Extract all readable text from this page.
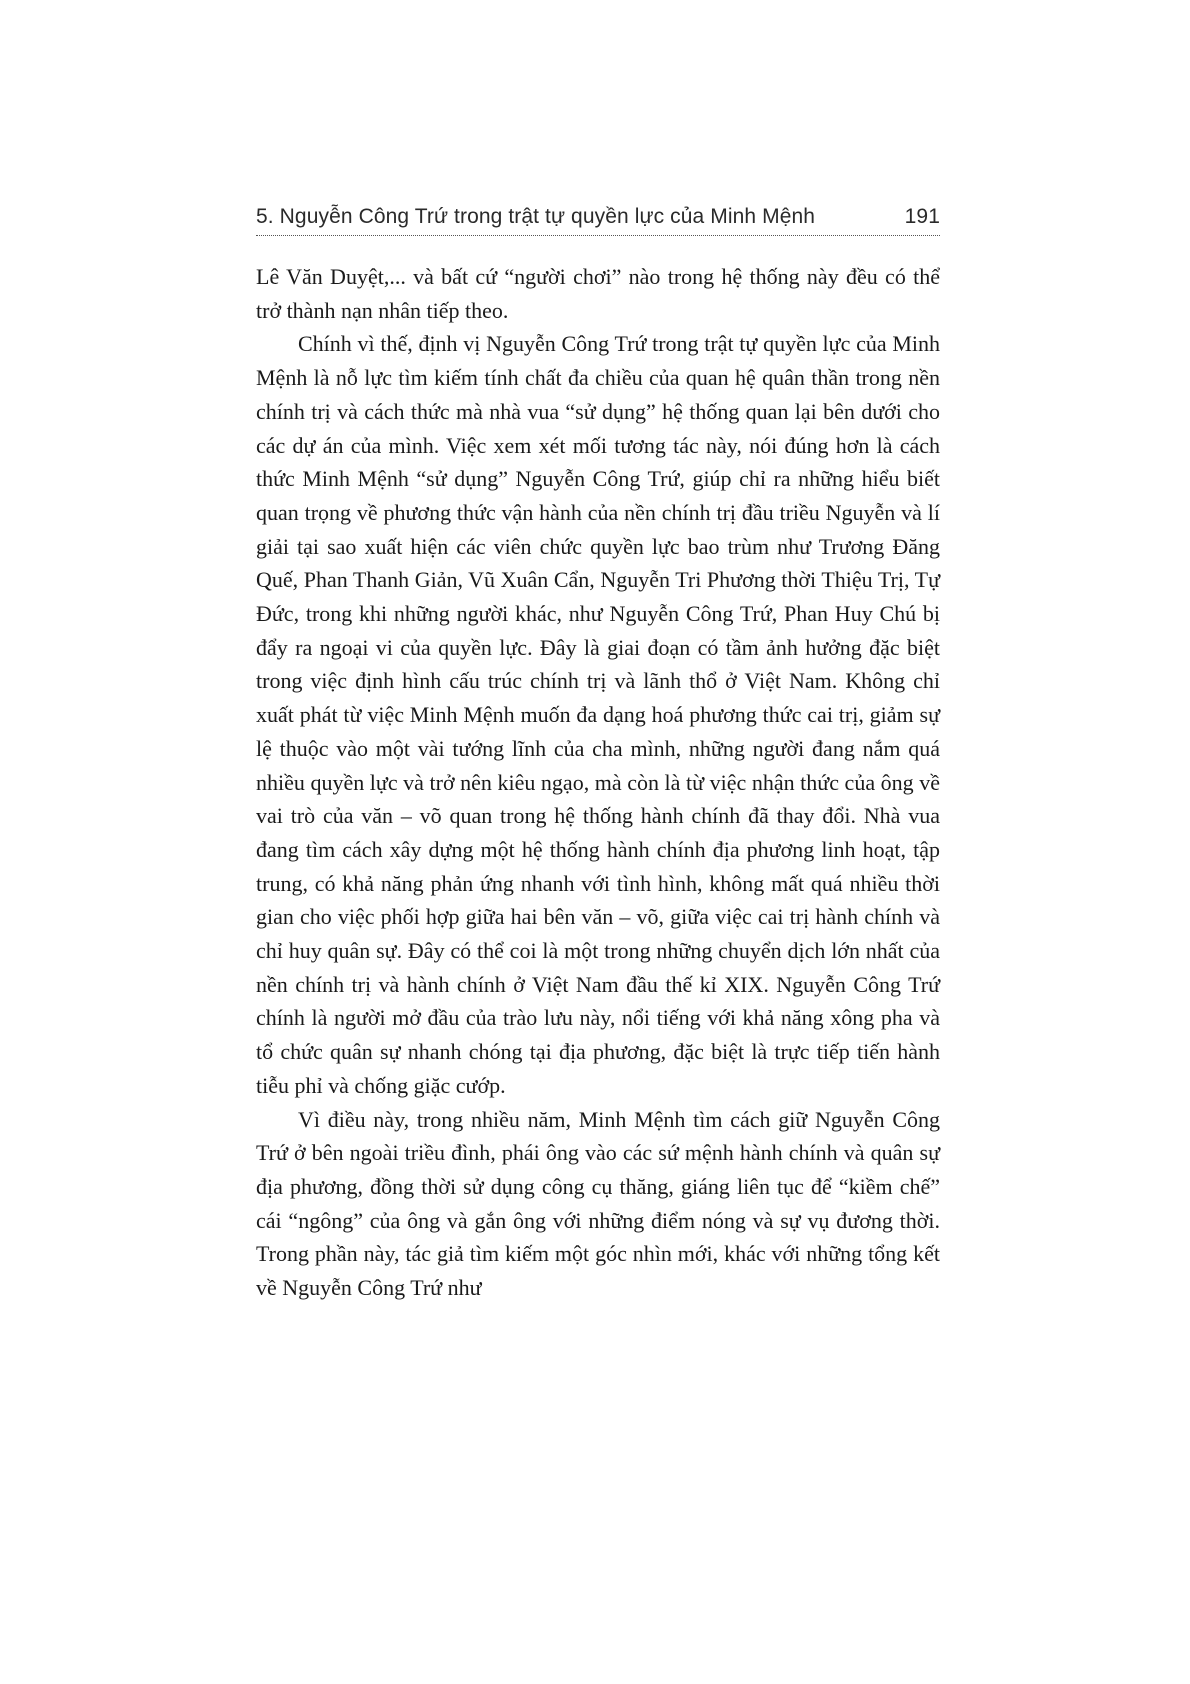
5. Nguyễn Công Trứ trong trật tự quyền lực của Minh Mệnh	191

Lê Văn Duyệt,... và bất cứ “người chơi” nào trong hệ thống này đều có thể trở thành nạn nhân tiếp theo.

Chính vì thế, định vị Nguyễn Công Trứ trong trật tự quyền lực của Minh Mệnh là nỗ lực tìm kiếm tính chất đa chiều của quan hệ quân thần trong nền chính trị và cách thức mà nhà vua “sử dụng” hệ thống quan lại bên dưới cho các dự án của mình. Việc xem xét mối tương tác này, nói đúng hơn là cách thức Minh Mệnh “sử dụng” Nguyễn Công Trứ, giúp chỉ ra những hiểu biết quan trọng về phương thức vận hành của nền chính trị đầu triều Nguyễn và lí giải tại sao xuất hiện các viên chức quyền lực bao trùm như Trương Đăng Quế, Phan Thanh Giản, Vũ Xuân Cẩn, Nguyễn Tri Phương thời Thiệu Trị, Tự Đức, trong khi những người khác, như Nguyễn Công Trứ, Phan Huy Chú bị đẩy ra ngoại vi của quyền lực. Đây là giai đoạn có tầm ảnh hưởng đặc biệt trong việc định hình cấu trúc chính trị và lãnh thổ ở Việt Nam. Không chỉ xuất phát từ việc Minh Mệnh muốn đa dạng hoá phương thức cai trị, giảm sự lệ thuộc vào một vài tướng lĩnh của cha mình, những người đang nắm quá nhiều quyền lực và trở nên kiêu ngạo, mà còn là từ việc nhận thức của ông về vai trò của văn – võ quan trong hệ thống hành chính đã thay đổi. Nhà vua đang tìm cách xây dựng một hệ thống hành chính địa phương linh hoạt, tập trung, có khả năng phản ứng nhanh với tình hình, không mất quá nhiều thời gian cho việc phối hợp giữa hai bên văn – võ, giữa việc cai trị hành chính và chỉ huy quân sự. Đây có thể coi là một trong những chuyển dịch lớn nhất của nền chính trị và hành chính ở Việt Nam đầu thế kỉ XIX. Nguyễn Công Trứ chính là người mở đầu của trào lưu này, nổi tiếng với khả năng xông pha và tổ chức quân sự nhanh chóng tại địa phương, đặc biệt là trực tiếp tiến hành tiễu phỉ và chống giặc cướp.

Vì điều này, trong nhiều năm, Minh Mệnh tìm cách giữ Nguyễn Công Trứ ở bên ngoài triều đình, phái ông vào các sứ mệnh hành chính và quân sự địa phương, đồng thời sử dụng công cụ thăng, giáng liên tục để “kiềm chế” cái “ngông” của ông và gắn ông với những điểm nóng và sự vụ đương thời. Trong phần này, tác giả tìm kiếm một góc nhìn mới, khác với những tổng kết về Nguyễn Công Trứ như
